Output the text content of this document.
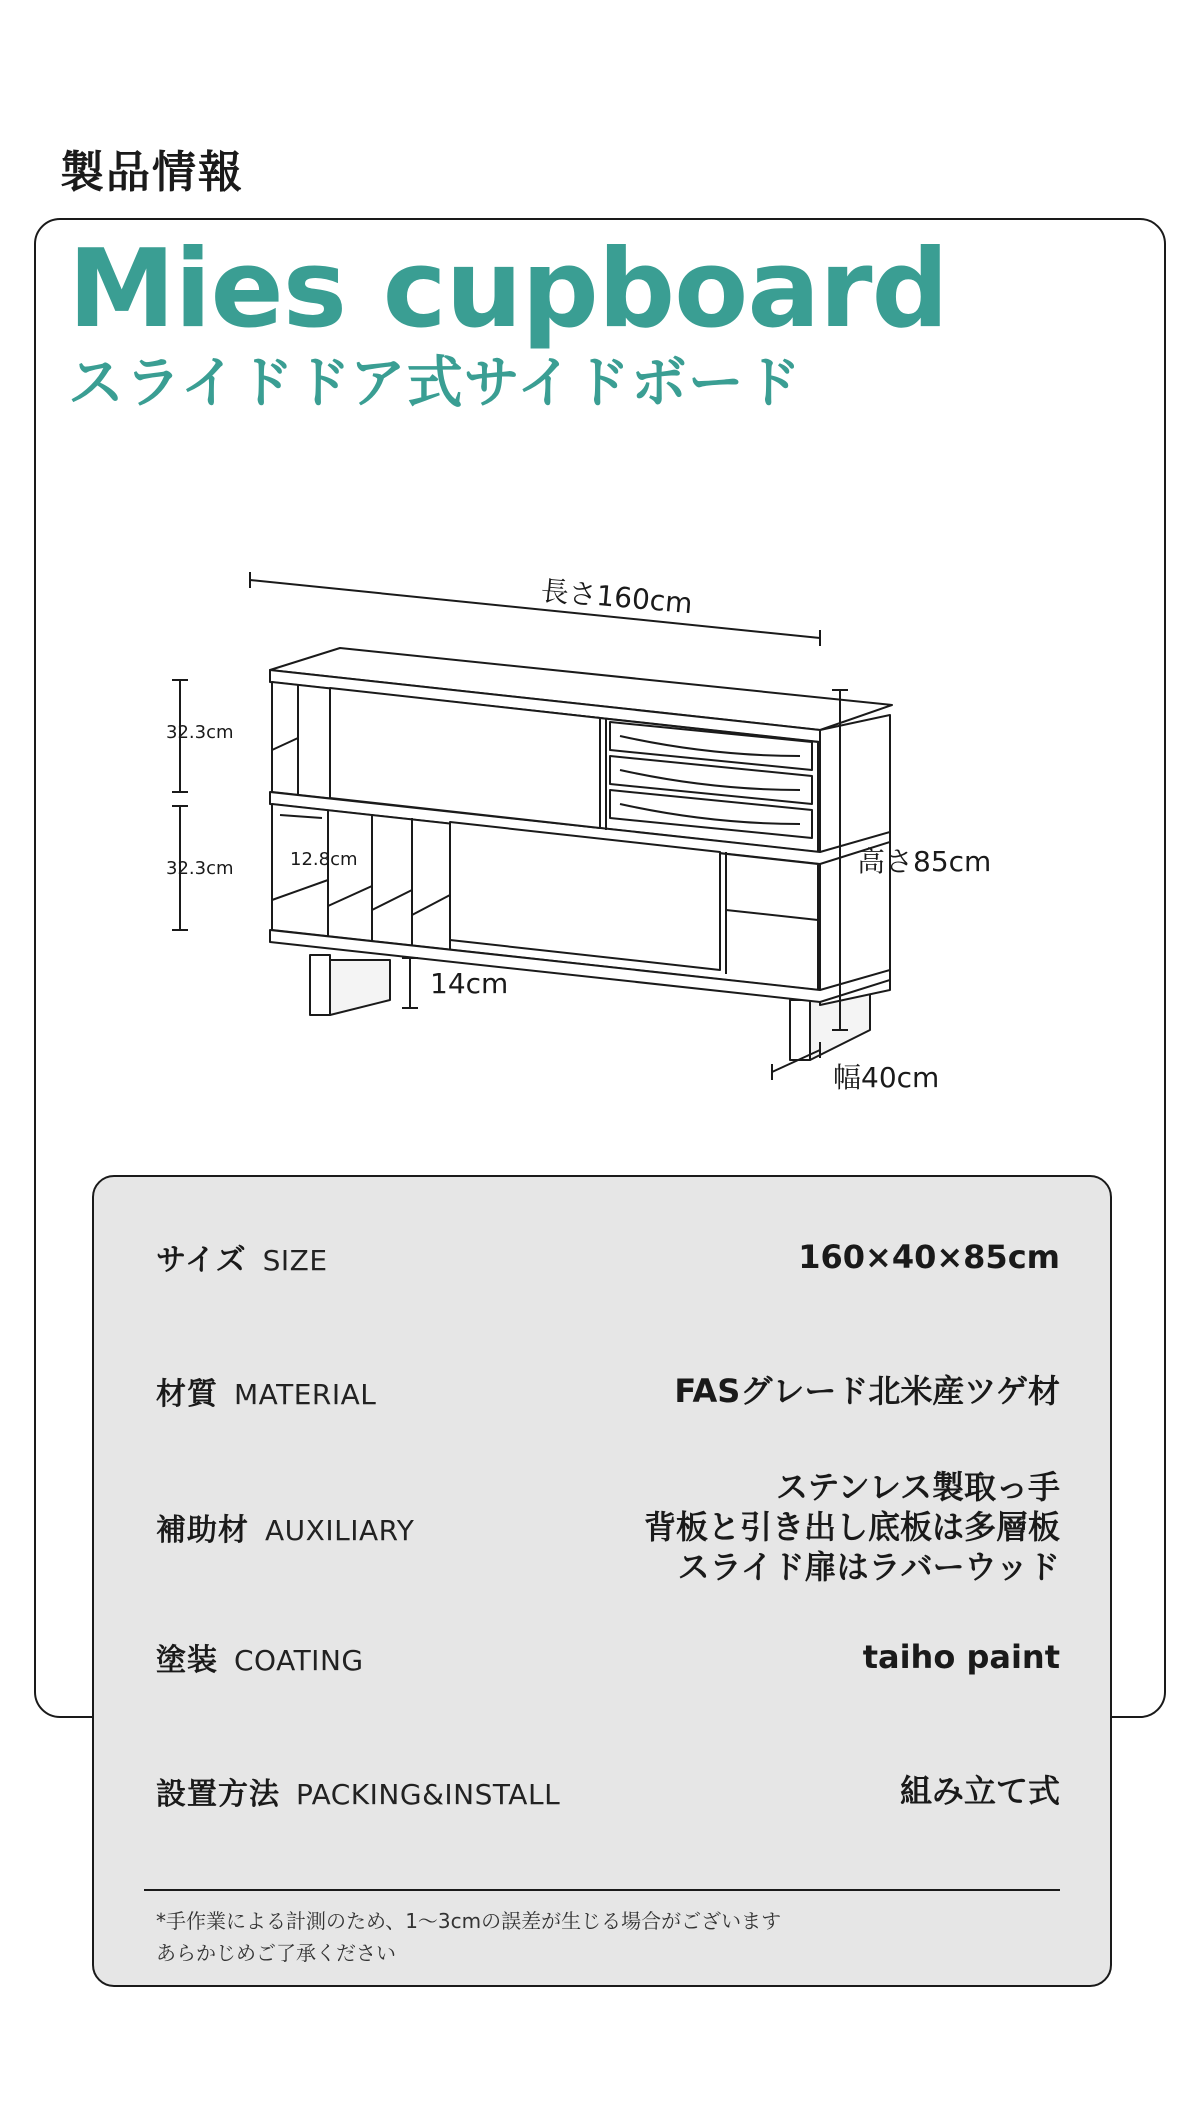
製品情報
Mies cupboard
スライドドア式サイドボード
長さ160cm
高さ85cm
幅40cm
32.3cm
32.3cm	12.8cm
14cm
サイズ SIZE	160×40×85cm
材質 MATERIAL	FASグレード北米産ツゲ材
補助材 AUXILIARY
ステンレス製取っ手
背板と引き出し底板は多層板
スライド扉はラバーウッド
塗装 COATING	taiho paint
設置方法 PACKING&INSTALL	組み立て式
*手作業による計測のため、1～3cmの誤差が生じる場合がございます
あらかじめご了承ください
